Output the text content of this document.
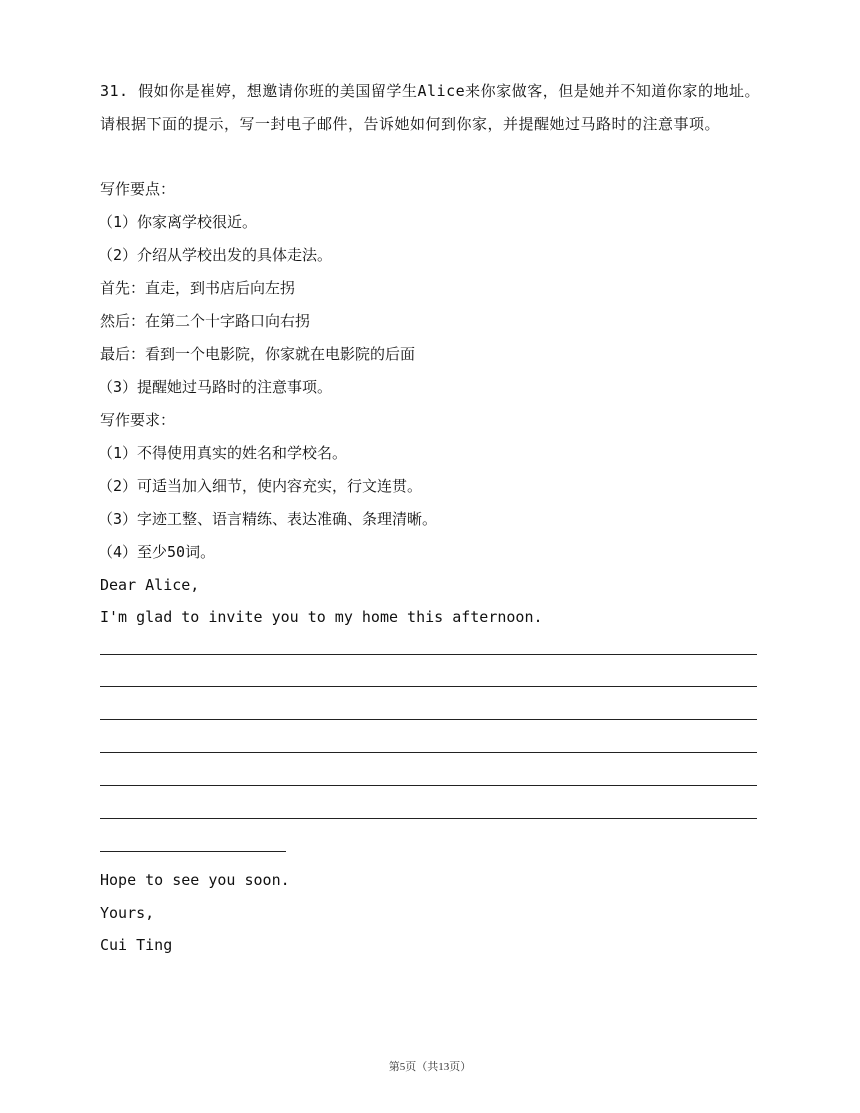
31. 假如你是崔婷，想邀请你班的美国留学生Alice来你家做客，但是她并不知道你家的地址。请根据下面的提示，写一封电子邮件，告诉她如何到你家，并提醒她过马路时的注意事项。
写作要点：
（1）你家离学校很近。
（2）介绍从学校出发的具体走法。
首先：直走，到书店后向左拐
然后：在第二个十字路口向右拐
最后：看到一个电影院，你家就在电影院的后面
（3）提醒她过马路时的注意事项。
写作要求：
（1）不得使用真实的姓名和学校名。
（2）可适当加入细节，使内容充实，行文连贯。
（3）字迹工整、语言精练、表达准确、条理清晰。
（4）至少50词。
Dear Alice,
I'm glad to invite you to my home this afternoon.
Hope to see you soon.
Yours,
Cui Ting
第5页（共13页）
